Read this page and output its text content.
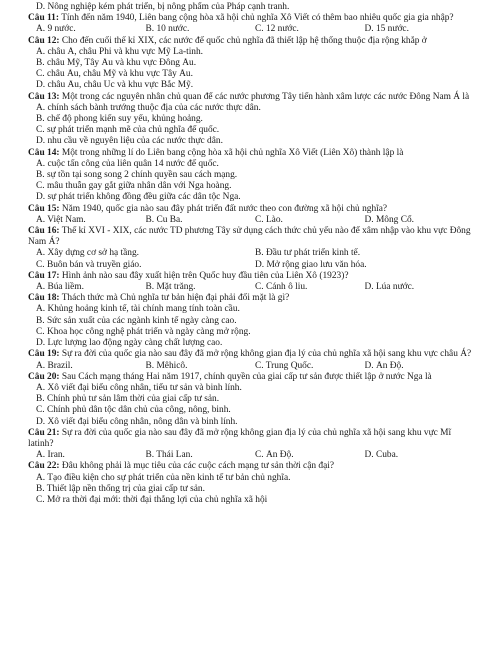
D. Nông nghiệp kém phát triển, bị nông phẩm của Pháp cạnh tranh.
Câu 11: Tính đến năm 1940, Liên bang cộng hòa xã hội chủ nghĩa Xô Viết có thêm bao nhiêu quốc gia gia nhập?
A. 9 nước.	B. 10 nước.	C. 12 nước.	D. 15 nước.
Câu 12: Cho đến cuối thế kỉ XIX, các nước đế quốc chủ nghĩa đã thiết lập hệ thống thuộc địa rộng khắp ở
A. châu Á, châu Phi và khu vực Mỹ La-tinh.
B. châu Mỹ, Tây Âu và khu vực Đông Âu.
C. châu Âu, châu Mỹ và khu vực Tây Âu.
D. châu Âu, châu Úc và khu vực Bắc Mỹ.
Câu 13: Một trong các nguyên nhân chủ quan để các nước phương Tây tiến hành xâm lược các nước Đông Nam Á là
A. chính sách bành trướng thuộc địa của các nước thực dân.
B. chế độ phong kiến suy yếu, khủng hoảng.
C. sự phát triển mạnh mẽ của chủ nghĩa đế quốc.
D. nhu cầu về nguyên liệu của các nước thực dân.
Câu 14: Một trong những lí do Liên bang cộng hòa xã hội chủ nghĩa Xô Viết (Liên Xô) thành lập là
A. cuộc tấn công của liên quân 14 nước đế quốc.
B. sự tồn tại song song 2 chính quyền sau cách mạng.
C. mâu thuẫn gay gắt giữa nhân dân với Nga hoàng.
D. sự phát triển không đồng đều giữa các dân tộc Nga.
Câu 15: Năm 1940, quốc gia nào sau đây phát triển đất nước theo con đường xã hội chủ nghĩa?
A. Việt Nam.	B. Cu Ba.	C. Lào.	D. Mông Cổ.
Câu 16: Thế kỉ XVI - XIX, các nước TD phương Tây sử dụng cách thức chủ yếu nào để xâm nhập vào khu vực Đông Nam Á?
A. Xây dựng cơ sở hạ tầng.	B. Đầu tư phát triển kinh tế.
C. Buôn bán và truyền giáo.	D. Mở rộng giao lưu văn hóa.
Câu 17: Hình ảnh nào sau đây xuất hiện trên Quốc huy đầu tiên của Liên Xô (1923)?
A. Búa liềm.	B. Mặt trăng.	C. Cánh ô liu.	D. Lúa nước.
Câu 18: Thách thức mà Chủ nghĩa tư bản hiện đại phải đối mặt là gì?
A. Khủng hoảng kinh tế, tài chính mang tính toàn cầu.
B. Sức sản xuất của các ngành kinh tế ngày càng cao.
C. Khoa học công nghệ phát triển và ngày càng mở rộng.
D. Lực lượng lao động ngày càng chất lượng cao.
Câu 19: Sự ra đời của quốc gia nào sau đây đã mở rộng không gian địa lý của chủ nghĩa xã hội sang khu vực châu Á?
A. Brazil.	B. Mêhicô.	C. Trung Quốc.	D. Ấn Độ.
Câu 20: Sau Cách mạng tháng Hai năm 1917, chính quyền của giai cấp tư sản được thiết lập ở nước Nga là
A. Xô viết đại biểu công nhân, tiểu tư sản và binh lính.
B. Chính phủ tư sản lâm thời của giai cấp tư sản.
C. Chính phủ dân tộc dân chủ của công, nông, binh.
D. Xô viết đại biểu công nhân, nông dân và binh lính.
Câu 21: Sự ra đời của quốc gia nào sau đây đã mở rộng không gian địa lý của chủ nghĩa xã hội sang khu vực Mĩ latinh?
A. Iran.	B. Thái Lan.	C. Ấn Độ.	D. Cuba.
Câu 22: Đâu không phải là mục tiêu của các cuộc cách mạng tư sản thời cận đại?
A. Tạo điều kiện cho sự phát triển của nền kinh tế tư bản chủ nghĩa.
B. Thiết lập nền thống trị của giai cấp tư sản.
C. Mở ra thời đại mới: thời đại thắng lợi của chủ nghĩa xã hội
